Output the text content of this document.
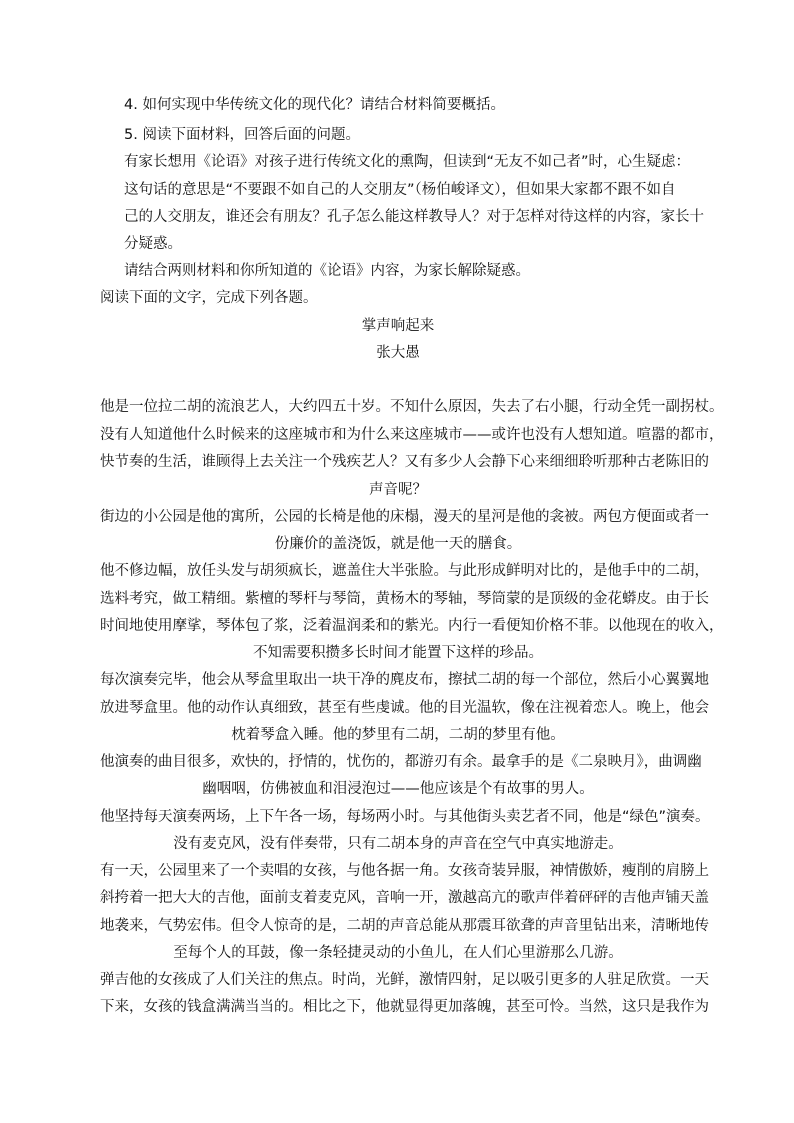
4. 如何实现中华传统文化的现代化？请结合材料简要概括。
5. 阅读下面材料，回答后面的问题。
有家长想用《论语》对孩子进行传统文化的熏陶，但读到“无友不如己者”时，心生疑虑：
这句话的意思是“不要跟不如自己的人交朋友”（杨伯峻译文），但如果大家都不跟不如自
己的人交朋友，谁还会有朋友？孔子怎么能这样教导人？对于怎样对待这样的内容，家长十
分疑惑。
请结合两则材料和你所知道的《论语》内容，为家长解除疑惑。
阅读下面的文字，完成下列各题。
掌声响起来
张大愚
他是一位拉二胡的流浪艺人，大约四五十岁。不知什么原因，失去了右小腿，行动全凭一副拐杖。
没有人知道他什么时候来的这座城市和为什么来这座城市——或许也没有人想知道。喧嚣的都市，
快节奏的生活，谁顾得上去关注一个残疾艺人？又有多少人会静下心来细细聆听那种古老陈旧的
声音呢？
街边的小公园是他的寓所，公园的长椅是他的床榻，漫天的星河是他的衾被。两包方便面或者一
份廉价的盖浇饭，就是他一天的膳食。
他不修边幅，放任头发与胡须疯长，遮盖住大半张脸。与此形成鲜明对比的，是他手中的二胡，
选料考究，做工精细。紫檀的琴杆与琴筒，黄杨木的琴轴，琴筒蒙的是顶级的金花蟒皮。由于长
时间地使用摩挲，琴体包了浆，泛着温润柔和的紫光。内行一看便知价格不菲。以他现在的收入，
不知需要积攒多长时间才能置下这样的珍品。
每次演奏完毕，他会从琴盒里取出一块干净的麂皮布，擦拭二胡的每一个部位，然后小心翼翼地
放进琴盒里。他的动作认真细致，甚至有些虔诚。他的目光温软，像在注视着恋人。晚上，他会
枕着琴盒入睡。他的梦里有二胡，二胡的梦里有他。
他演奏的曲目很多，欢快的，抒情的，忧伤的，都游刃有余。最拿手的是《二泉映月》，曲调幽
幽咽咽，仿佛被血和泪浸泡过——他应该是个有故事的男人。
他坚持每天演奏两场，上下午各一场，每场两小时。与其他街头卖艺者不同，他是“绿色”演奏。
没有麦克风，没有伴奏带，只有二胡本身的声音在空气中真实地游走。
有一天，公园里来了一个卖唱的女孩，与他各据一角。女孩奇装异服，神情傲娇，瘦削的肩膀上
斜挎着一把大大的吉他，面前支着麦克风，音响一开，激越高亢的歌声伴着砰砰的吉他声铺天盖
地袭来，气势宏伟。但令人惊奇的是，二胡的声音总能从那震耳欲聋的声音里钻出来，清晰地传
至每个人的耳鼓，像一条轻捷灵动的小鱼儿，在人们心里游那么几游。
弹吉他的女孩成了人们关注的焦点。时尚，光鲜，激情四射，足以吸引更多的人驻足欣赏。一天
下来，女孩的钱盒满满当当的。相比之下，他就显得更加落魄，甚至可怜。当然，这只是我作为
